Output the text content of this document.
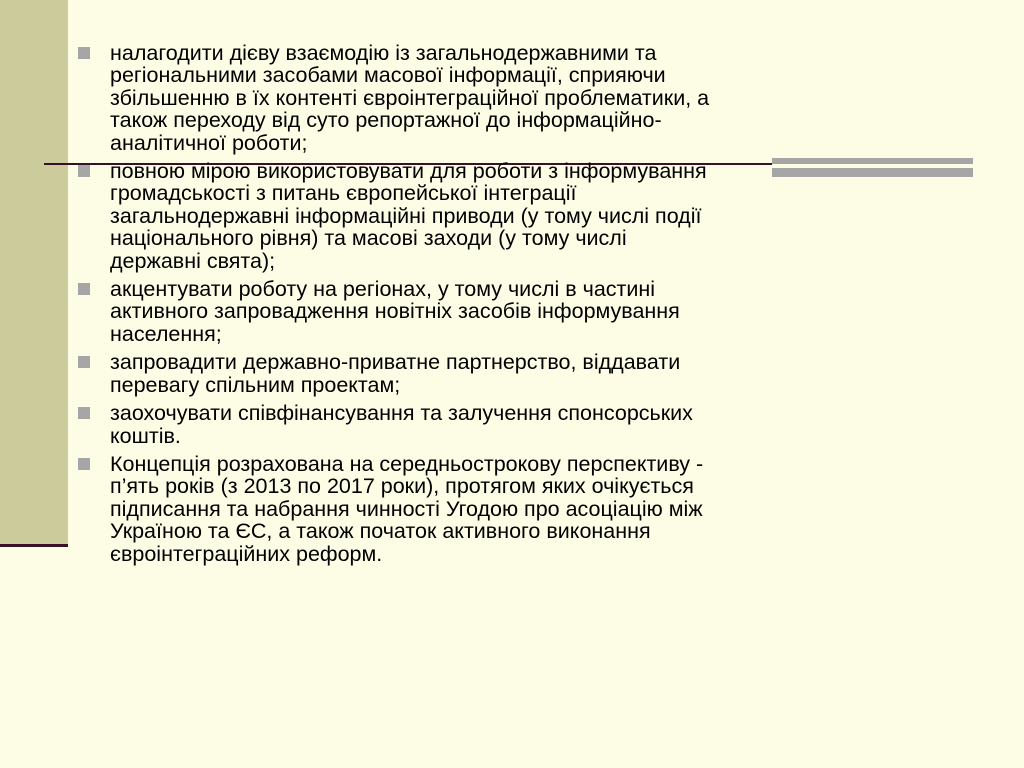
налагодити дієву взаємодію із загальнодержавними та
регіональними засобами масової інформації, сприяючи
збільшенню в їх контенті євроінтеграційної проблематики, а
також переходу від суто репортажної до інформаційно-
аналітичної роботи;
повною мірою використовувати для роботи з інформування
громадськості з питань європейської інтеграції
загальнодержавні інформаційні приводи (у тому числі події
національного рівня) та масові заходи (у тому числі
державні свята);
акцентувати роботу на регіонах, у тому числі в частині
активного запровадження новітніх засобів інформування
населення;
запровадити державно-приватне партнерство, віддавати
перевагу спільним проектам;
заохочувати співфінансування та залучення спонсорських
коштів.
Концепція розрахована на середньострокову перспективу -
п’ять років (з 2013 по 2017 роки), протягом яких очікується
підписання та набрання чинності Угодою про асоціацію між
Україною та ЄС, а також початок активного виконання
євроінтеграційних реформ.
